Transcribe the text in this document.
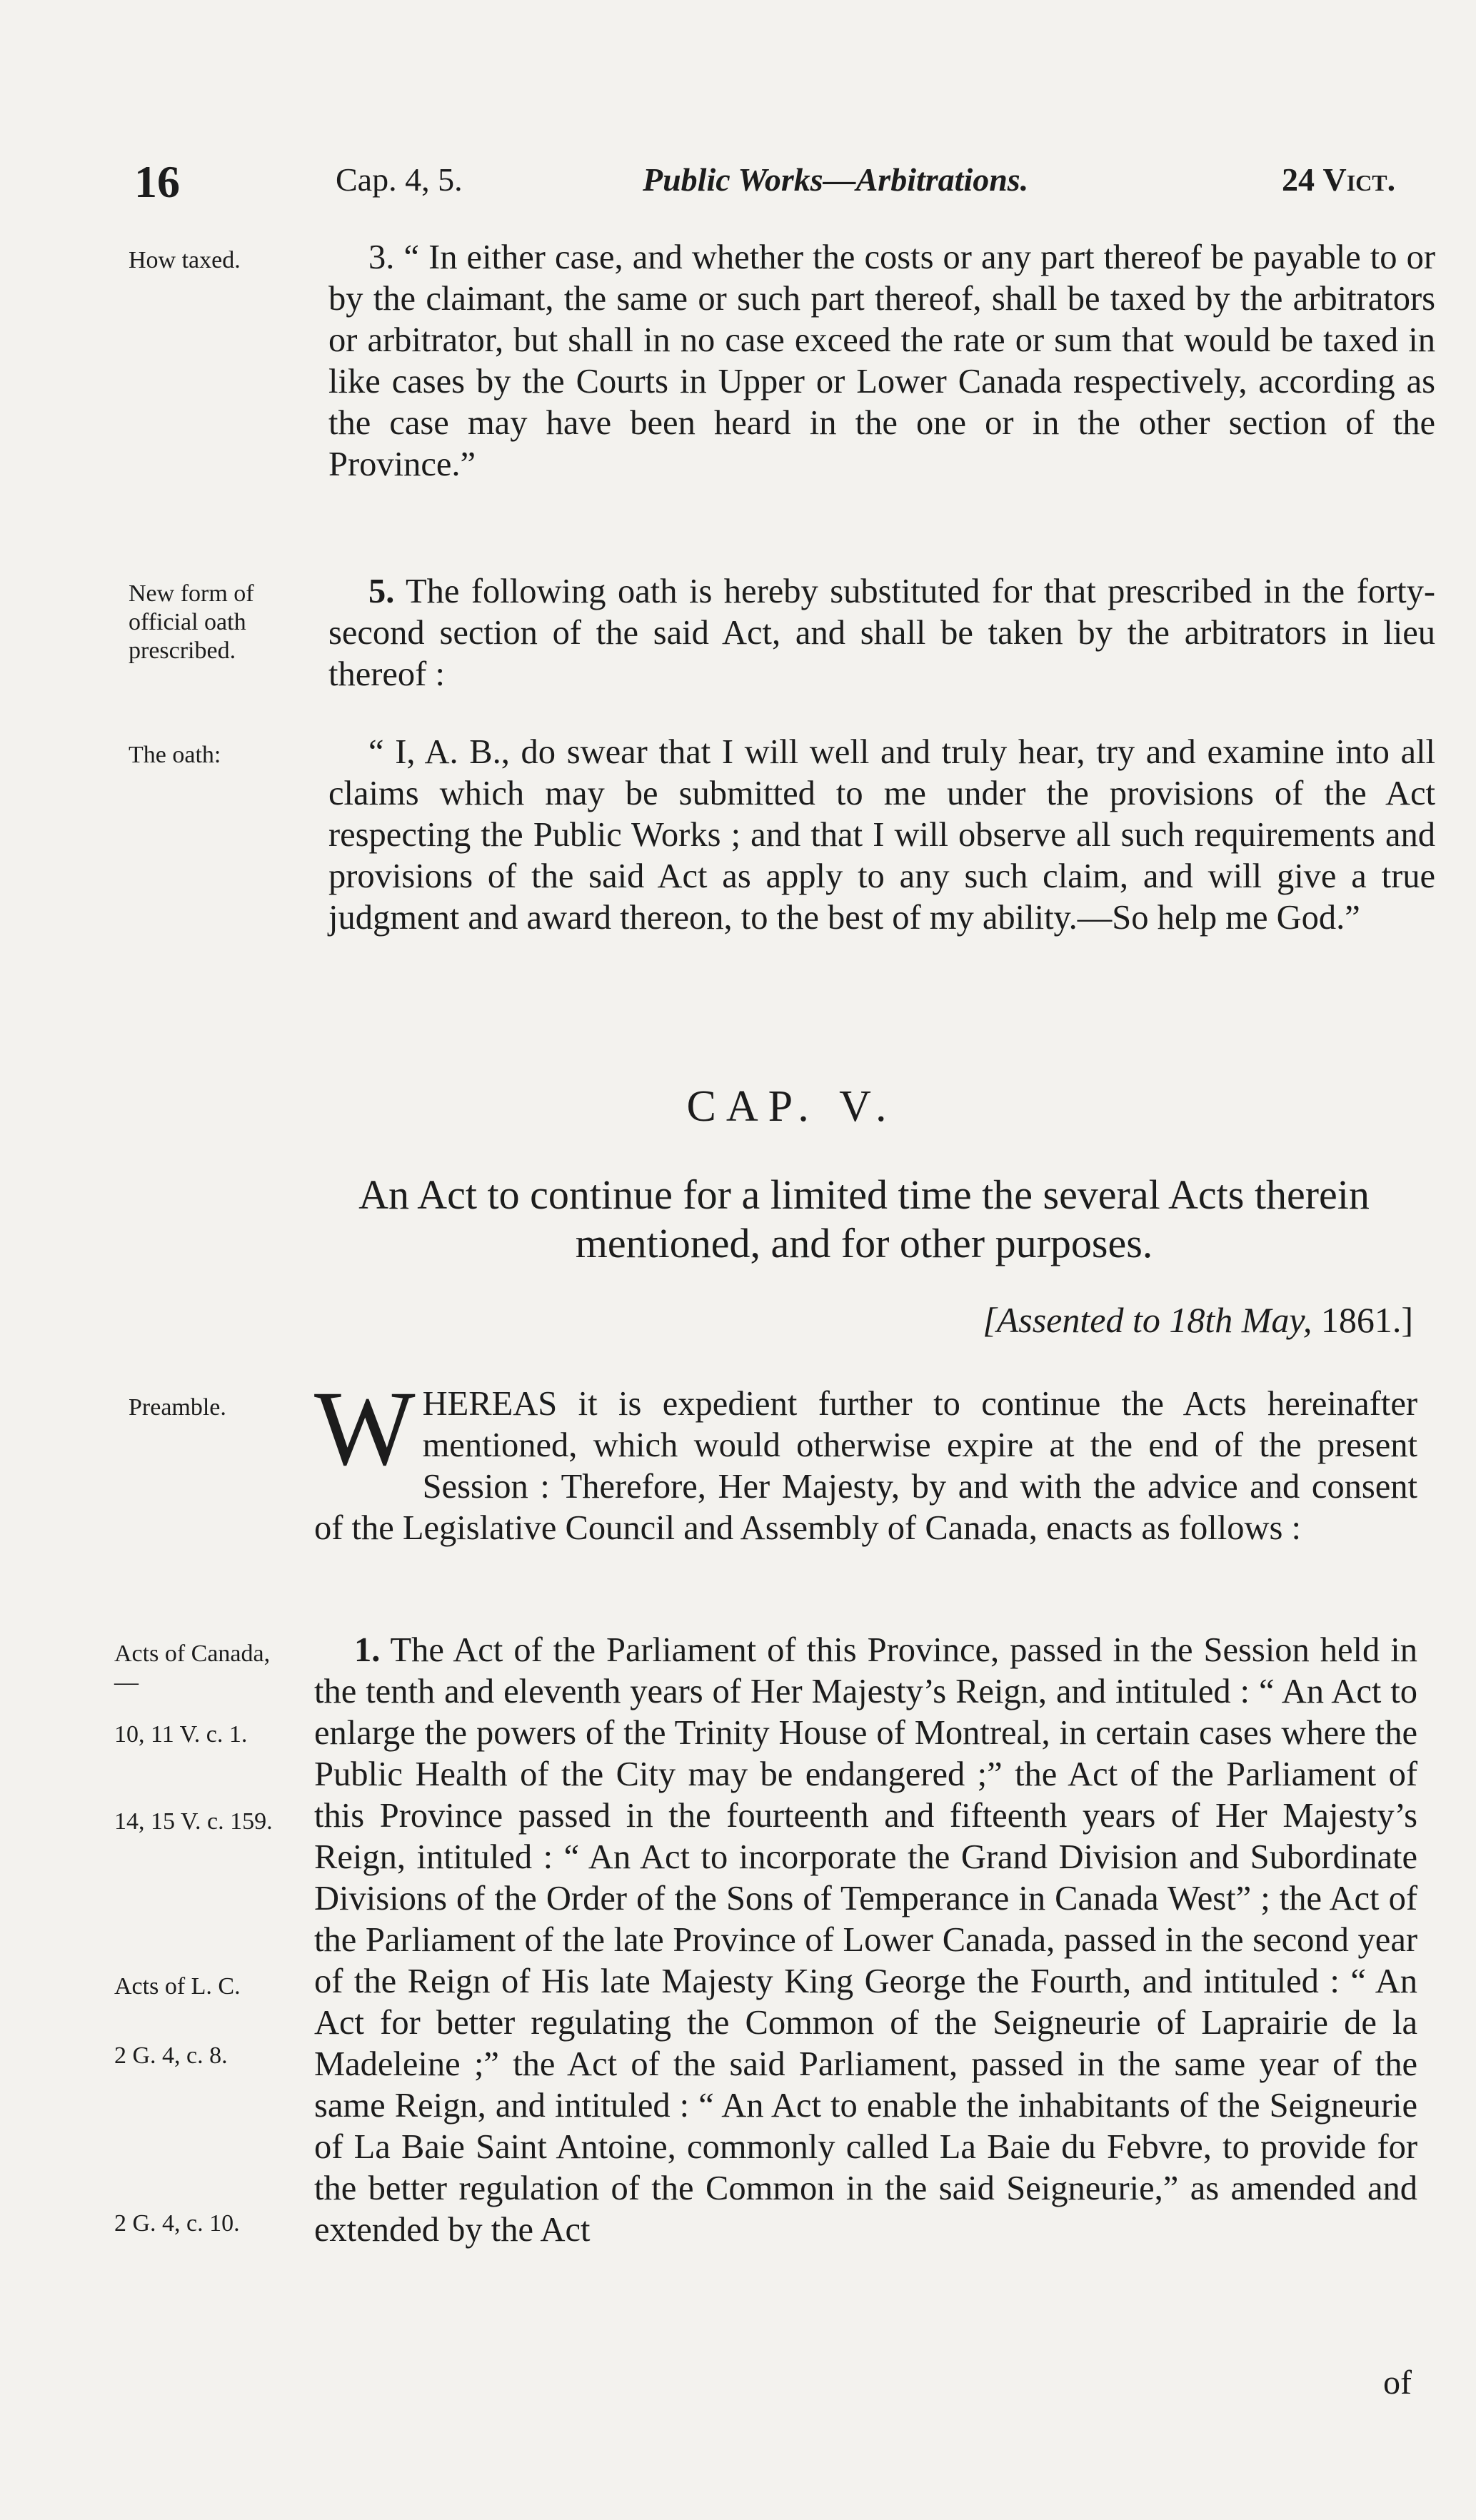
16	Cap. 4, 5.	Public Works—Arbitrations.	24 Vict.
How taxed.	3. “ In either case, and whether the costs or any part thereof be payable to or by the claimant, the same or such part thereof, shall be taxed by the arbitrators or arbitrator, but shall in no case exceed the rate or sum that would be taxed in like cases by the Courts in Upper or Lower Canada respectively, according as the case may have been heard in the one or in the other section of the Province.”

New form of official oath prescribed.

5. The following oath is hereby substituted for that prescribed in the forty-second section of the said Act, and shall be taken by the arbitrators in lieu thereof :

The oath:	“ I, A. B., do swear that I will well and truly hear, try and examine into all claims which may be submitted to me under the provisions of the Act respecting the Public Works ; and that I will observe all such requirements and provisions of the said Act as apply to any such claim, and will give a true judgment and award thereon, to the best of my ability.—So help me God.”

CAP. V.
An Act to continue for a limited time the several Acts therein mentioned, and for other purposes.
[Assented to 18th May, 1861.]
Preamble. WHEREAS it is expedient further to continue the Acts hereinafter mentioned, which would otherwise expire at the end of the present Session : Therefore, Her Majesty, by and with the advice and consent of the Legislative Council and Assembly of Canada, enacts as follows :
Acts of Canada,—
10, 11 V. c. 1.
14, 15 V. c. 159.
Acts of L. C.
2 G. 4, c. 8.
2 G. 4, c. 10.

1. The Act of the Parliament of this Province, passed in the Session held in the tenth and eleventh years of Her Majesty’s Reign, and intituled : “ An Act to enlarge the powers of the Trinity House of Montreal, in certain cases where the Public Health of the City may be endangered ;” the Act of the Parliament of this Province passed in the fourteenth and fifteenth years of Her Majesty’s Reign, intituled : “ An Act to incorporate the Grand Division and Subordinate Divisions of the Order of the Sons of Temperance in Canada West” ; the Act of the Parliament of the late Province of Lower Canada, passed in the second year of the Reign of His late Majesty King George the Fourth, and intituled : “ An Act for better regulating the Common of the Seigneurie of Laprairie de la Madeleine ;” the Act of the said Parliament, passed in the same year of the same Reign, and intituled : “ An Act to enable the inhabitants of the Seigneurie of La Baie Saint Antoine, commonly called La Baie du Febvre, to provide for the better regulation of the Common in the said Seigneurie,” as amended and extended by the Act

of
